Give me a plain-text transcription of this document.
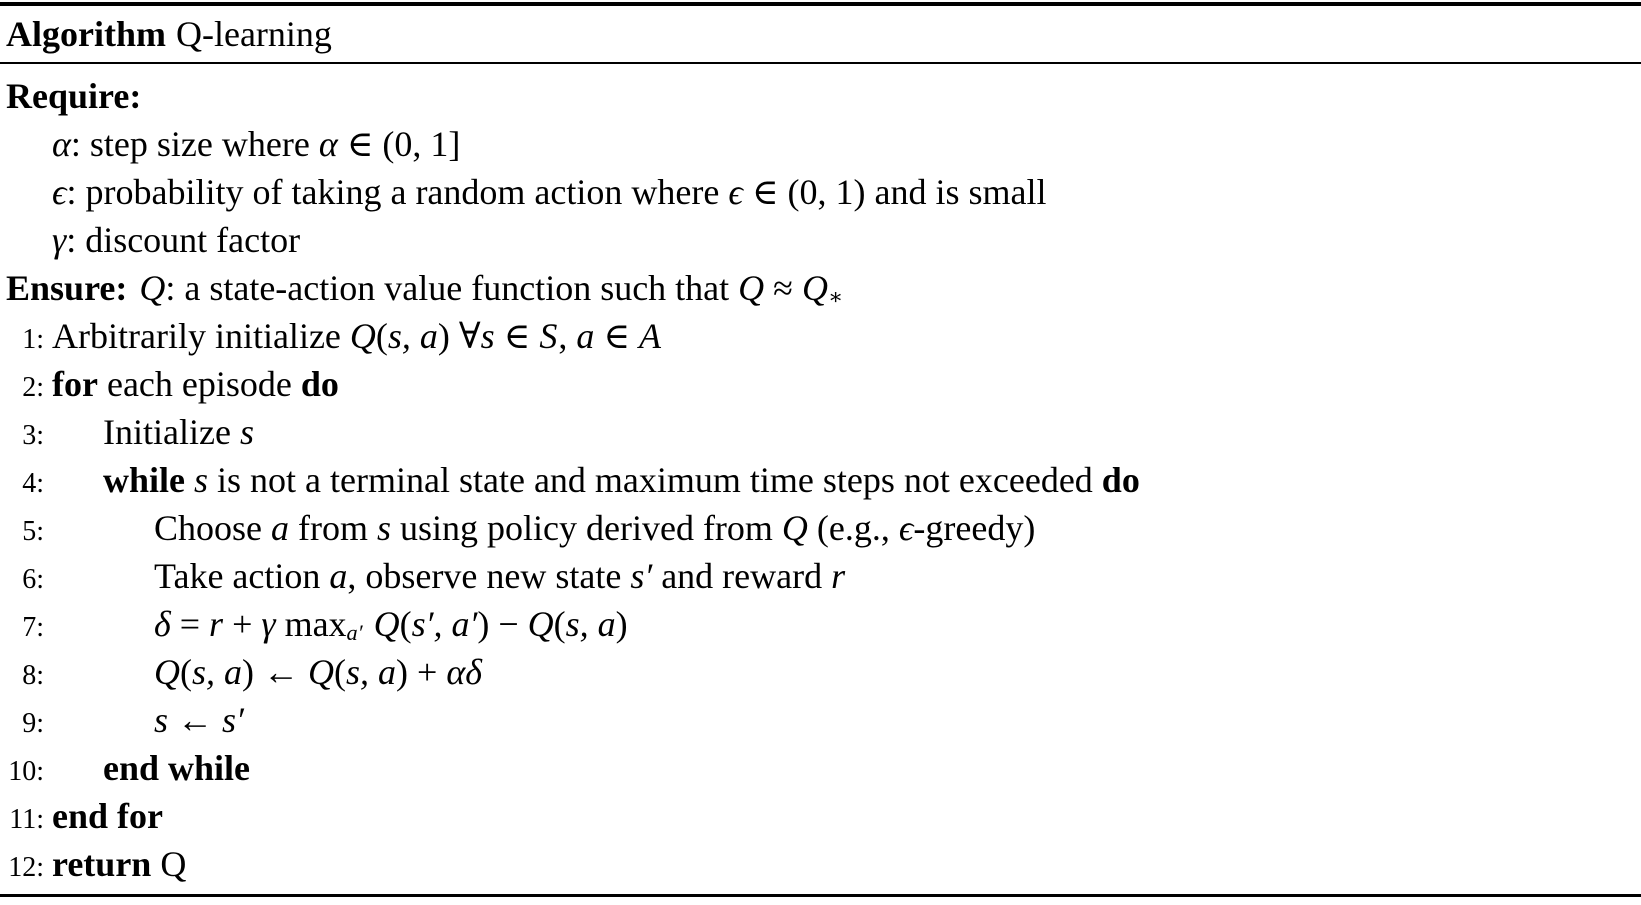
Algorithm Q-learning
Require:
α: step size where α ∈ (0, 1]
ϵ: probability of taking a random action where ϵ ∈ (0, 1) and is small
γ: discount factor
Ensure: Q: a state-action value function such that Q ≈ Q∗
1: Arbitrarily initialize Q(s, a) ∀s ∈ S, a ∈ A
2: for each episode do
3: Initialize s
4: while s is not a terminal state and maximum time steps not exceeded do
5:	Choose a from s using policy derived from Q (e.g., ϵ-greedy)
6:	Take action a, observe new state s′ and reward r
7:	δ = r + γ maxa′ Q(s′, a′) − Q(s, a)
8:	Q(s, a) ← Q(s, a) + αδ
9:	s ← s′
10: end while
11: end for
12: return Q
